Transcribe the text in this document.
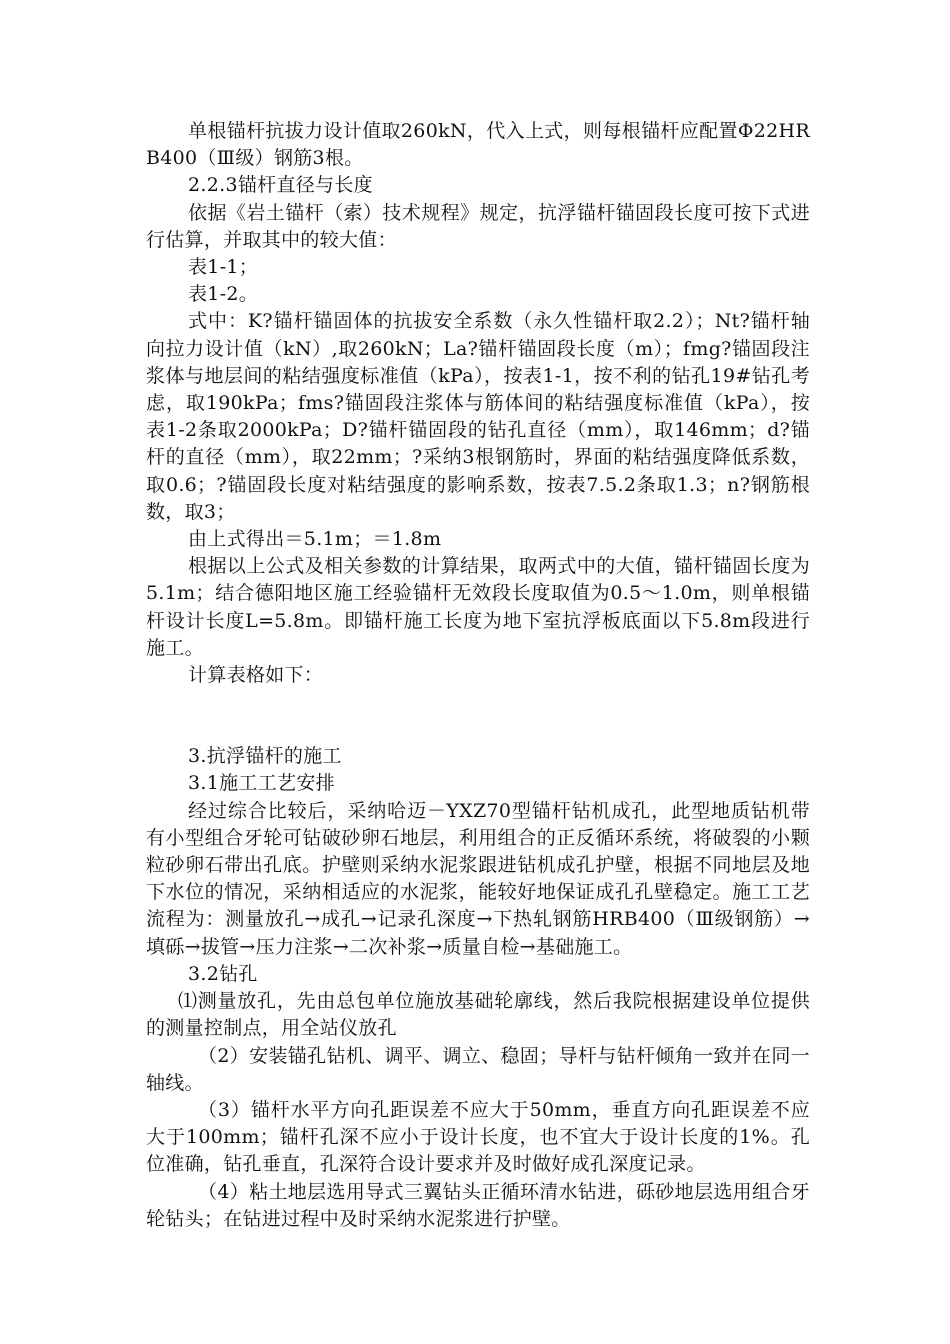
单根锚杆抗拔力设计值取260kN，代入上式，则每根锚杆应配置Φ22HRB400（Ⅲ级）钢筋3根。

2.2.3锚杆直径与长度

依据《岩土锚杆（索）技术规程》规定，抗浮锚杆锚固段长度可按下式进行估算，并取其中的较大值：

表1-1；

表1-2。

式中：K?锚杆锚固体的抗拔安全系数（永久性锚杆取2.2）；Nt?锚杆轴向拉力设计值（kN）,取260kN；La?锚杆锚固段长度（m）；fmg?锚固段注浆体与地层间的粘结强度标准值（kPa），按表1-1，按不利的钻孔19#钻孔考虑，取190kPa；fms?锚固段注浆体与筋体间的粘结强度标准值（kPa），按表1-2条取2000kPa；D?锚杆锚固段的钻孔直径（mm），取146mm；d?锚杆的直径（mm），取22mm；?采纳3根钢筋时，界面的粘结强度降低系数，取0.6；?锚固段长度对粘结强度的影响系数，按表7.5.2条取1.3；n?钢筋根数，取3；

由上式得出＝5.1m；＝1.8m

根据以上公式及相关参数的计算结果，取两式中的大值，锚杆锚固长度为5.1m；结合德阳地区施工经验锚杆无效段长度取值为0.5～1.0m，则单根锚杆设计长度L=5.8m。即锚杆施工长度为地下室抗浮板底面以下5.8m段进行施工。

计算表格如下：

3.抗浮锚杆的施工

3.1施工工艺安排

经过综合比较后，采纳哈迈－YXZ70型锚杆钻机成孔，此型地质钻机带有小型组合牙轮可钻破砂卵石地层，利用组合的正反循环系统，将破裂的小颗粒砂卵石带出孔底。护壁则采纳水泥浆跟进钻机成孔护壁，根据不同地层及地下水位的情况，采纳相适应的水泥浆，能较好地保证成孔孔壁稳定。施工工艺流程为：测量放孔→成孔→记录孔深度→下热轧钢筋HRB400（Ⅲ级钢筋）→填砾→拔管→压力注浆→二次补浆→质量自检→基础施工。

3.2钻孔

⑴测量放孔，先由总包单位施放基础轮廓线，然后我院根据建设单位提供的测量控制点，用全站仪放孔

（2）安装锚孔钻机、调平、调立、稳固；导杆与钻杆倾角一致并在同一轴线。

（3）锚杆水平方向孔距误差不应大于50mm，垂直方向孔距误差不应大于100mm；锚杆孔深不应小于设计长度，也不宜大于设计长度的1%。孔位准确，钻孔垂直，孔深符合设计要求并及时做好成孔深度记录。

（4）粘土地层选用导式三翼钻头正循环清水钻进，砾砂地层选用组合牙轮钻头；在钻进过程中及时采纳水泥浆进行护壁。
